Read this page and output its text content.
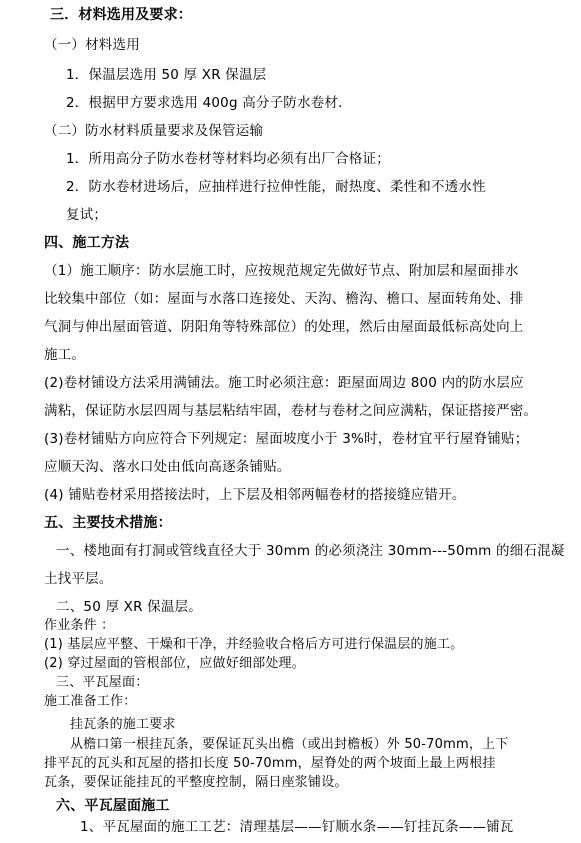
三．材料选用及要求：
（一）材料选用
1．保温层选用 50 厚 XR 保温层
2．根据甲方要求选用 400g 高分子防水卷材．
（二）防水材料质量要求及保管运输
1．所用高分子防水卷材等材料均必须有出厂合格证；
2．防水卷材进场后，应抽样进行拉伸性能，耐热度、柔性和不透水性
复试；
四、施工方法
（1）施工顺序：防水层施工时，应按规范规定先做好节点、附加层和屋面排水
比较集中部位（如：屋面与水落口连接处、天沟、檐沟、檐口、屋面转角处、排
气洞与伸出屋面管道、阴阳角等特殊部位）的处理，然后由屋面最低标高处向上
施工。
(2)卷材铺设方法采用满铺法。施工时必须注意：距屋面周边 800 内的防水层应
满粘，保证防水层四周与基层粘结牢固，卷材与卷材之间应满粘，保证搭接严密。
(3)卷材铺贴方向应符合下列规定：屋面坡度小于 3%时，卷材宜平行屋脊铺贴；
应顺天沟、落水口处由低向高逐条铺贴。
(4) 铺贴卷材采用搭接法时，上下层及相邻两幅卷材的搭接缝应错开。
五、主要技术措施：
一、楼地面有打洞或管线直径大于 30mm 的必须浇注 30mm---50mm 的细石混凝
土找平层。
二、50 厚 XR 保温层。
作业条件 ：
(1) 基层应平整、干燥和干净，并经验收合格后方可进行保温层的施工。
(2) 穿过屋面的管根部位，应做好细部处理。
三、平瓦屋面：
施工准备工作：
挂瓦条的施工要求
从檐口第一根挂瓦条，要保证瓦头出檐（或出封檐板）外 50-70mm，上下
排平瓦的瓦头和瓦屋的搭扣长度 50-70mm，屋脊处的两个坡面上最上两根挂
瓦条，要保证能挂瓦的平整度控制，隔日座浆铺设。
六、平瓦屋面施工
1、平瓦屋面的施工工艺：清理基层——钉顺水条——钉挂瓦条——铺瓦
